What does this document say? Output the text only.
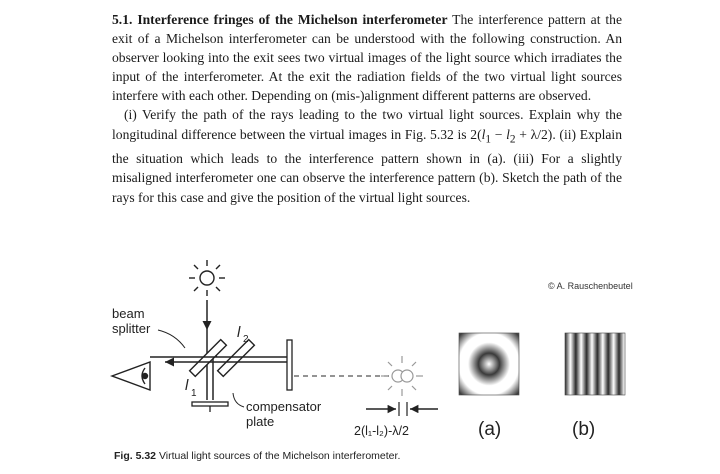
5.1. Interference fringes of the Michelson interferometer The interference pattern at the exit of a Michelson interferometer can be understood with the following construction. An observer looking into the exit sees two virtual images of the light source which irradiates the input of the interferometer. At the exit the radiation fields of the two virtual light sources interfere with each other. Depending on (mis-)alignment different patterns are observed.

(i) Verify the path of the rays leading to the two virtual light sources. Explain why the longitudinal difference between the virtual images in Fig. 5.32 is $2(l_1 - l_2 + \lambda/2)$. (ii) Explain the situation which leads to the interference pattern shown in (a). (iii) For a slightly misaligned interferometer one can observe the interference pattern (b). Sketch the path of the rays for this case and give the position of the virtual light sources.

© A. Rauschenbeutel
beam
splitter	l 2
l 1
compensator
plate
2(l₁-l₂)-λ/2	(a)	(b)
Fig. 5.32 Virtual light sources of the Michelson interferometer.
